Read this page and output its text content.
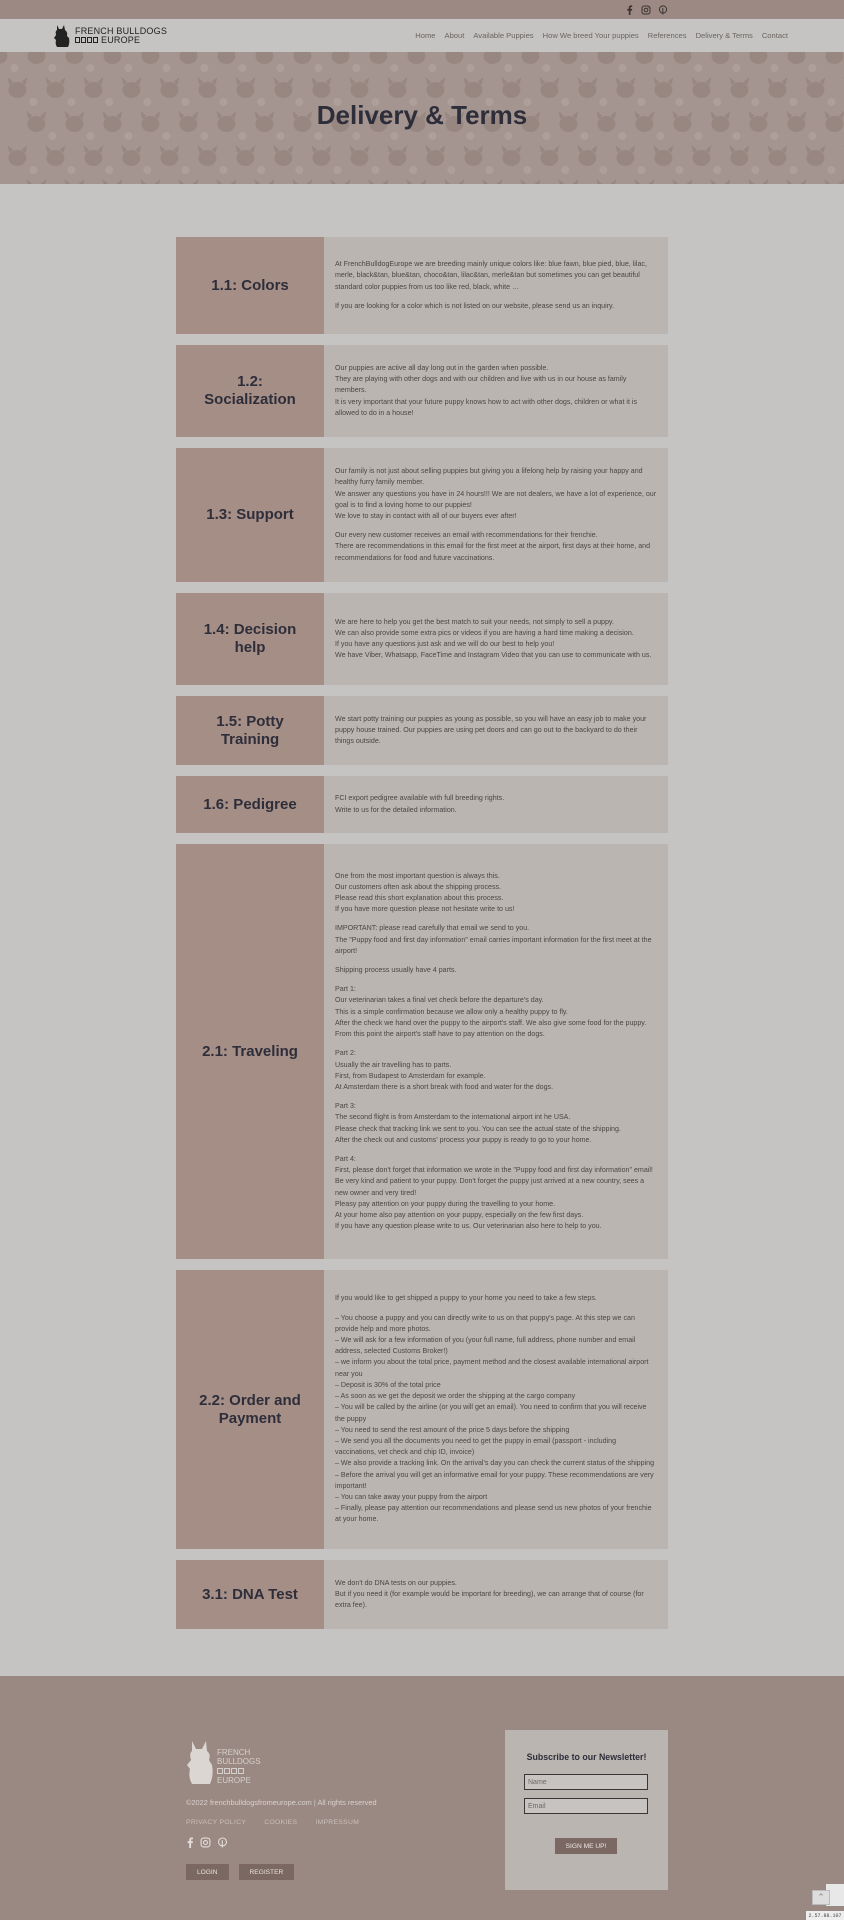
FRENCH BULLDOGS
EUROPE	Home About Available Puppies How We breed Your puppies References Delivery & Terms Contact
Delivery & Terms
1.1: Colors

At FrenchBulldogEurope we are breeding mainly unique colors like: blue fawn, blue pied, blue, lilac, merle, black&tan, blue&tan, choco&tan, lilac&tan, merle&tan but sometimes you can get beautiful standard color puppies from us too like red, black, white …

If you are looking for a color which is not listed on our website, please send us an inquiry.

1.2: Socialization

Our puppies are active all day long out in the garden when possible.
They are playing with other dogs and with our children and live with us in our house as family members.
It is very important that your future puppy knows how to act with other dogs, children or what it is allowed to do in a house!

1.3: Support

Our family is not just about selling puppies but giving you a lifelong help by raising your happy and healthy furry family member.
We answer any questions you have in 24 hours!!! We are not dealers, we have a lot of experience, our goal is to find a loving home to our puppies!
We love to stay in contact with all of our buyers ever after!

Our every new customer receives an email with recommendations for their frenchie.
There are recommendations in this email for the first meet at the airport, first days at their home, and recommendations for food and future vaccinations.

1.4: Decision help

We are here to help you get the best match to suit your needs, not simply to sell a puppy.
We can also provide some extra pics or videos if you are having a hard time making a decision.
If you have any questions just ask and we will do our best to help you!
We have Viber, Whatsapp, FaceTime and Instagram Video that you can use to communicate with us.

1.5: Potty Training

We start potty training our puppies as young as possible, so you will have an easy job to make your puppy house trained. Our puppies are using pet doors and can go out to the backyard to do their things outside.

1.6: Pedigree	FCI export pedigree available with full breeding rights.
Write to us for the detailed information.

2.1: Traveling

One from the most important question is always this.
Our customers often ask about the shipping process.
Please read this short explanation about this process.
If you have more question please not hesitate write to us!

IMPORTANT: please read carefully that email we send to you.
The "Puppy food and first day information" email carries important information for the first meet at the airport!

Shipping process usually have 4 parts.

Part 1:
Our veterinarian takes a final vet check before the departure's day.
This is a simple confirmation because we allow only a healthy puppy to fly.
After the check we hand over the puppy to the airport's staff. We also give some food for the puppy.
From this point the airport's staff have to pay attention on the dogs.

Part 2:
Usually the air travelling has to parts.
First, from Budapest to Amsterdam for example.
At Amsterdam there is a short break with food and water for the dogs.

Part 3:
The second flight is from Amsterdam to the international airport int he USA.
Please check that tracking link we sent to you. You can see the actual state of the shipping.
After the check out and customs' process your puppy is ready to go to your home.

Part 4:
First, please don't forget that information we wrote in the "Puppy food and first day information" email!
Be very kind and patient to your puppy. Don't forget the puppy just arrived at a new country, sees a new owner and very tired!
Pleasy pay attention on your puppy during the travelling to your home.
At your home also pay attention on your puppy, especially on the few first days.
If you have any question please write to us. Our veterinarian also here to help to you.

2.2: Order and Payment

If you would like to get shipped a puppy to your home you need to take a few steps.

– You choose a puppy and you can directly write to us on that puppy's page. At this step we can provide help and more photos.
– We will ask for a few information of you (your full name, full address, phone number and email address, selected Customs Broker!)
– we inform you about the total price, payment method and the closest available international airport near you
– Deposit is 30% of the total price
– As soon as we get the deposit we order the shipping at the cargo company
– You will be called by the airline (or you will get an email). You need to confirm that you will receive the puppy
– You need to send the rest amount of the price 5 days before the shipping
– We send you all the documents you need to get the puppy in email (passport - including vaccinations, vet check and chip ID, invoice)
– We also provide a tracking link. On the arrival's day you can check the current status of the shipping
– Before the arrival you will get an informative email for your puppy. These recommendations are very important!
– You can take away your puppy from the airport
– Finally, please pay attention our recommendations and please send us new photos of your frenchie at your home.

3.1: DNA Test

We don't do DNA tests on our puppies.
But if you need it (for example would be important for breeding), we can arrange that of course (for extra fee).

FRENCH
BULLDOGS
EUROPE
©2022 frenchbulldogsfromeurope.com | All rights reserved
PRIVACY POLICY	COOKIES	IMPRESSUM
LOGIN	REGISTER
Subscribe to our Newsletter!
Name
Email
SIGN ME UP!
⌃
2.57.88.107
